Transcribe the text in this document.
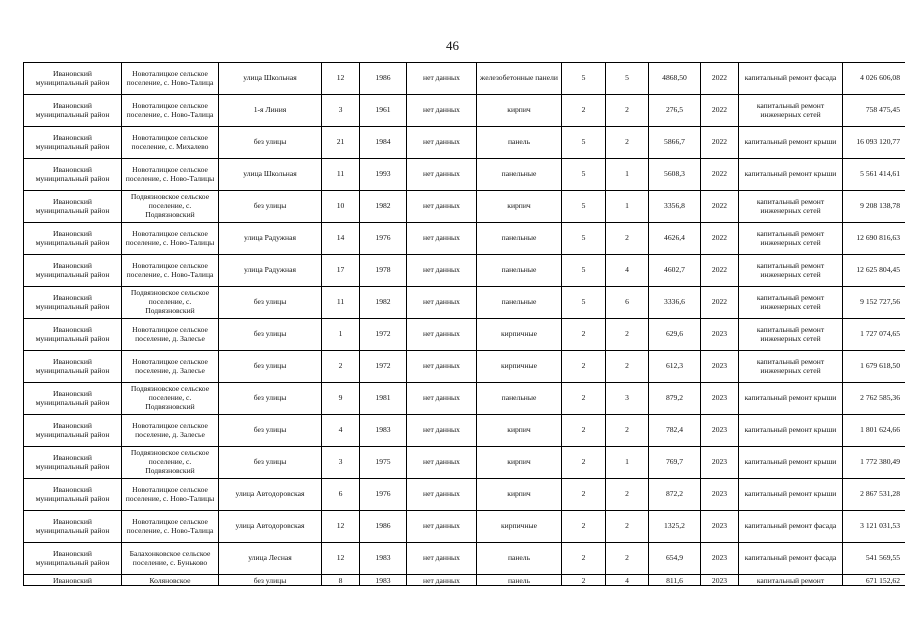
46
Ивановский муниципальный район	Новоталицкое сельское поселение, с. Ново-Талица	улица Школьная	12	1986	нет данных	железобетонные панели	5	5	4868,50	2022	капитальный ремонт фасада	4 026 606,08
Ивановский муниципальный район	Новоталицкое сельское поселение, с. Ново-Талица	1-я Линия	3	1961	нет данных	кирпич	2	2	276,5	2022	капитальный ремонт инженерных сетей	758 475,45
Ивановский муниципальный район	Новоталицкое сельское поселение, с. Михалево	без улицы	21	1984	нет данных	панель	5	2	5866,7	2022	капитальный ремонт крыши	16 093 120,77
Ивановский муниципальный район	Новоталицкое сельское поселение, с. Ново-Талицы	улица Школьная	11	1993	нет данных	панельные	5	1	5608,3	2022	капитальный ремонт крыши	5 561 414,61
Ивановский муниципальный район	Подвязновское сельское поселение, с. Подвязновский	без улицы	10	1982	нет данных	кирпич	5	1	3356,8	2022	капитальный ремонт инженерных сетей	9 208 138,78
Ивановский муниципальный район	Новоталицкое сельское поселение, с. Ново-Талицы	улица Радужная	14	1976	нет данных	панельные	5	2	4626,4	2022	капитальный ремонт инженерных сетей	12 690 816,63
Ивановский муниципальный район	Новоталицкое сельское поселение, с. Ново-Талица	улица Радужная	17	1978	нет данных	панельные	5	4	4602,7	2022	капитальный ремонт инженерных сетей	12 625 804,45
Ивановский муниципальный район	Подвязновское сельское поселение, с. Подвязновский	без улицы	11	1982	нет данных	панельные	5	6	3336,6	2022	капитальный ремонт инженерных сетей	9 152 727,56
Ивановский муниципальный район	Новоталицкое сельское поселение, д. Залесье	без улицы	1	1972	нет данных	кирпичные	2	2	629,6	2023	капитальный ремонт инженерных сетей	1 727 074,65
Ивановский муниципальный район	Новоталицкое сельское поселение, д. Залесье	без улицы	2	1972	нет данных	кирпичные	2	2	612,3	2023	капитальный ремонт инженерных сетей	1 679 618,50
Ивановский муниципальный район	Подвязновское сельское поселение, с. Подвязновский	без улицы	9	1981	нет данных	панельные	2	3	879,2	2023	капитальный ремонт крыши	2 762 585,36
Ивановский муниципальный район	Новоталицкое сельское поселение, д. Залесье	без улицы	4	1983	нет данных	кирпич	2	2	782,4	2023	капитальный ремонт крыши	1 801 624,66
Ивановский муниципальный район	Подвязновское сельское поселение, с. Подвязновский	без улицы	3	1975	нет данных	кирпич	2	1	769,7	2023	капитальный ремонт крыши	1 772 380,49
Ивановский муниципальный район	Новоталицкое сельское поселение, с. Ново-Талицы	улица Автодоровская	6	1976	нет данных	кирпич	2	2	872,2	2023	капитальный ремонт крыши	2 867 531,28
Ивановский муниципальный район	Новоталицкое сельское поселение, с. Ново-Талица	улица Автодоровская	12	1986	нет данных	кирпичные	2	2	1325,2	2023	капитальный ремонт фасада	3 121 031,53
Ивановский муниципальный район	Балахонковское сельское поселение, с. Буньково	улица Лесная	12	1983	нет данных	панель	2	2	654,9	2023	капитальный ремонт фасада	541 569,55
Ивановский	Коляновское	без улицы	8	1983	нет данных	панель	2	4	811,6	2023	капитальный ремонт	671 152,62
